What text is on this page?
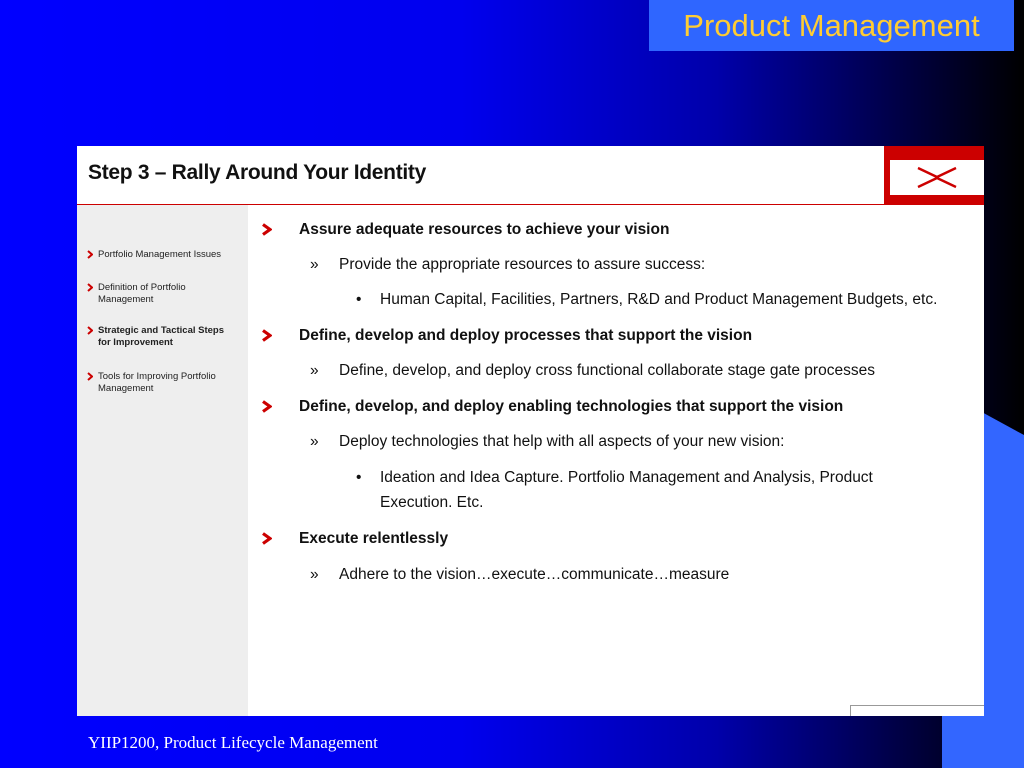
Product Management
Step 3 – Rally Around Your Identity
Portfolio Management Issues
Definition of Portfolio Management
Strategic and Tactical Steps for Improvement
Tools for Improving Portfolio Management
Assure adequate resources to achieve your vision
»	Provide the appropriate resources to assure success:
•	Human Capital, Facilities, Partners, R&D and Product Management Budgets, etc.
Define, develop and deploy processes that support the vision
»	Define, develop, and deploy cross functional collaborate stage gate processes
Define, develop, and deploy enabling technologies that support the vision
»	Deploy technologies that help with all aspects of your new vision:
•	Ideation and Idea Capture. Portfolio Management and Analysis, Product Execution. Etc.
Execute relentlessly
»	Adhere to the vision…execute…communicate…measure
YIIP1200, Product Lifecycle Management
